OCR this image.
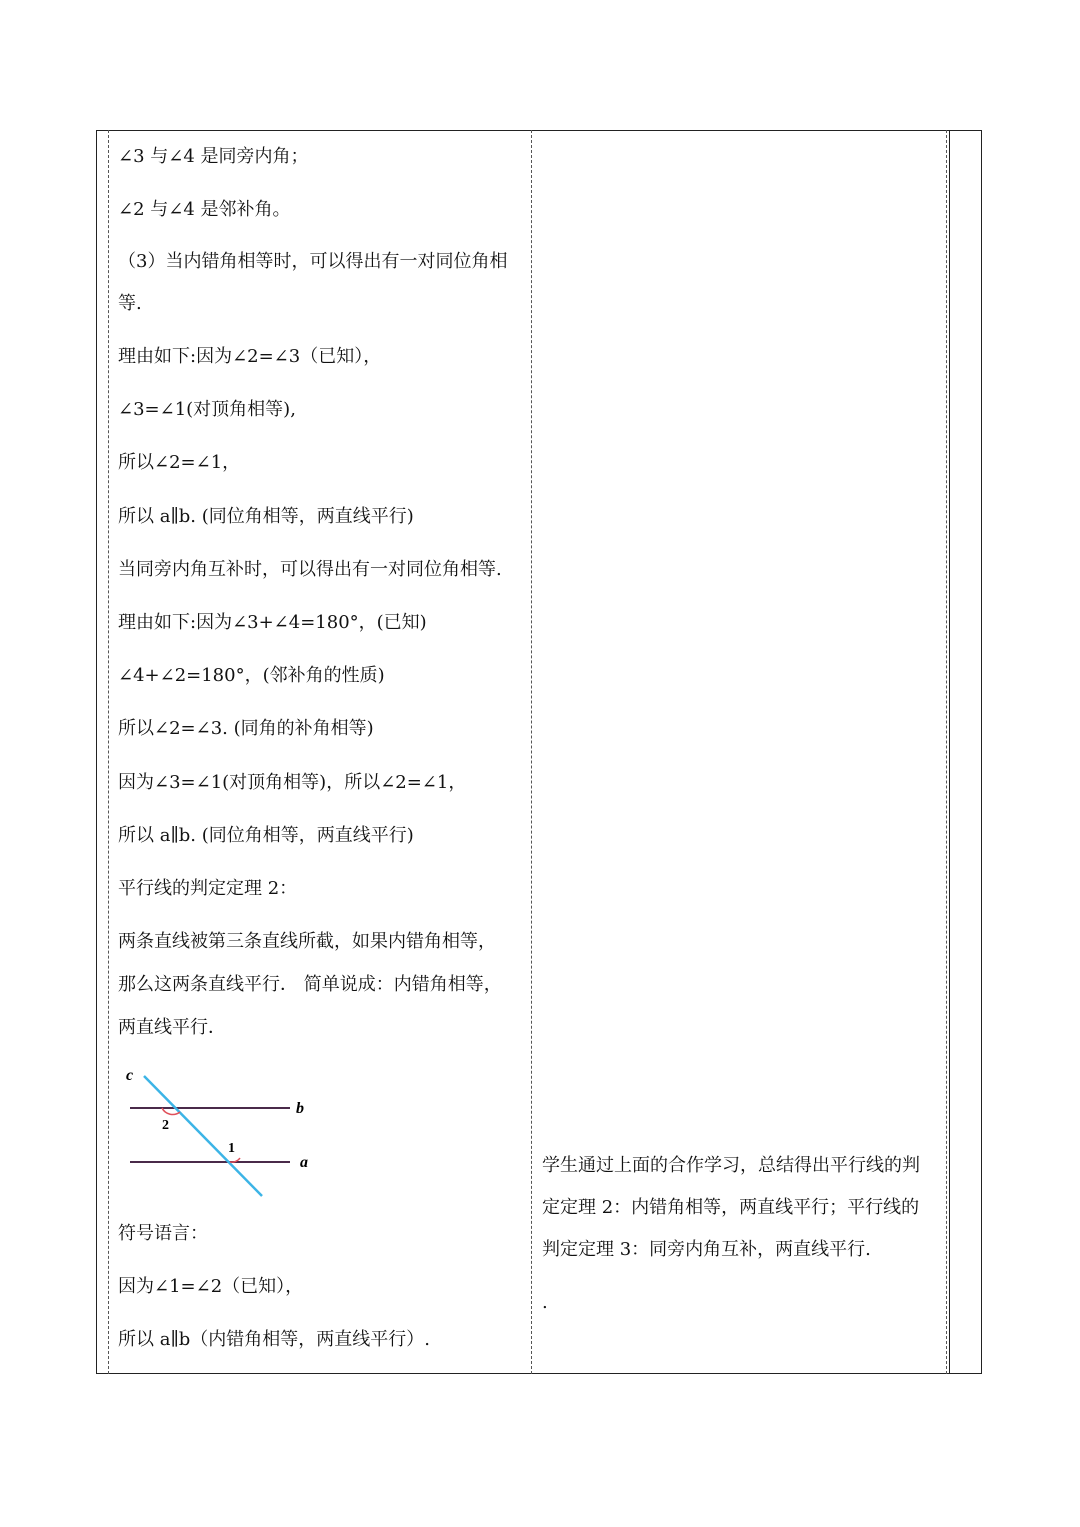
∠3 与∠4 是同旁内角；
∠2 与∠4 是邻补角。
（3）当内错角相等时，可以得出有一对同位角相
等.
理由如下:因为∠2=∠3（已知），
∠3=∠1(对顶角相等),
所以∠2=∠1，
所以 a∥b. (同位角相等，两直线平行)
当同旁内角互补时，可以得出有一对同位角相等.
理由如下:因为∠3+∠4=180°，(已知)
∠4+∠2=180°，(邻补角的性质)
所以∠2=∠3. (同角的补角相等)
因为∠3=∠1(对顶角相等)，所以∠2=∠1，
所以 a∥b. (同位角相等，两直线平行)
平行线的判定定理 2：
两条直线被第三条直线所截，如果内错角相等，
那么这两条直线平行． 简单说成：内错角相等，
两直线平行．
c
b
a
2
1
符号语言：
因为∠1=∠2（已知），
所以 a∥b（内错角相等，两直线平行）.
学生通过上面的合作学习，总结得出平行线的判
定定理 2：内错角相等，两直线平行；平行线的
判定定理 3：同旁内角互补，两直线平行.
.
